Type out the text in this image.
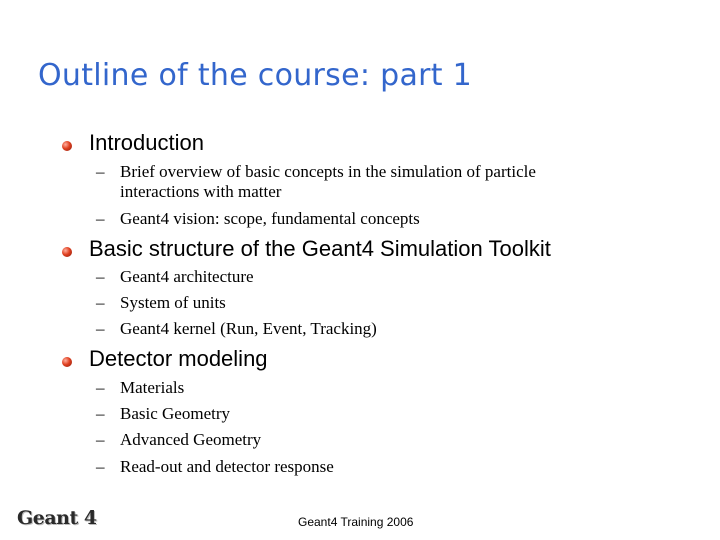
Outline of the course: part 1
Introduction
– Brief overview of basic concepts in the simulation of particle
interactions with matter
– Geant4 vision: scope, fundamental concepts
Basic structure of the Geant4 Simulation Toolkit
– Geant4 architecture
– System of units
– Geant4 kernel (Run, Event, Tracking)
Detector modeling
– Materials
– Basic Geometry
– Advanced Geometry
– Read-out and detector response
Geant 4	Geant4 Training 2006
